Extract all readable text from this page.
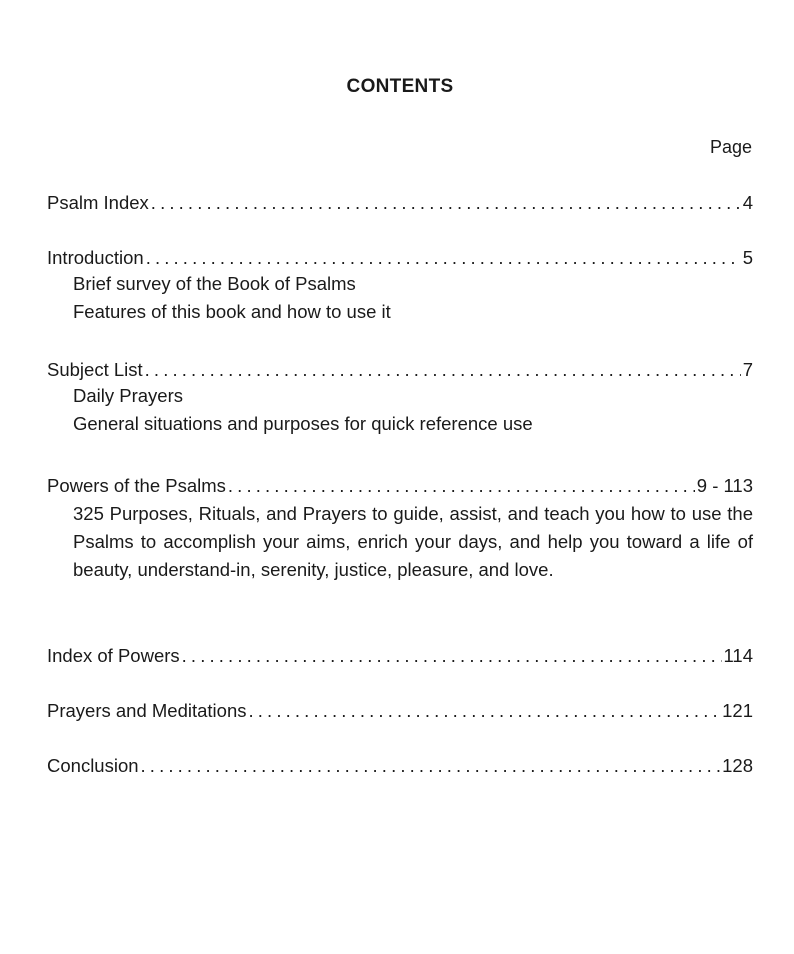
CONTENTS
Page
Psalm Index . . .	4
Introduction . . .	5
Brief survey of the Book of Psalms
Features of this book and how to use it
Subject List . . .	7
Daily Prayers
General situations and purposes for quick reference use
Powers of the Psalms . . .	9 - 113
325 Purposes, Rituals, and Prayers to guide, assist, and teach you how to use the Psalms to accomplish your aims, enrich your days, and help you toward a life of beauty, understand-in, serenity, justice, pleasure, and love.
Index of Powers . . .	114
Prayers and Meditations . . .	121
Conclusion . . .	128
